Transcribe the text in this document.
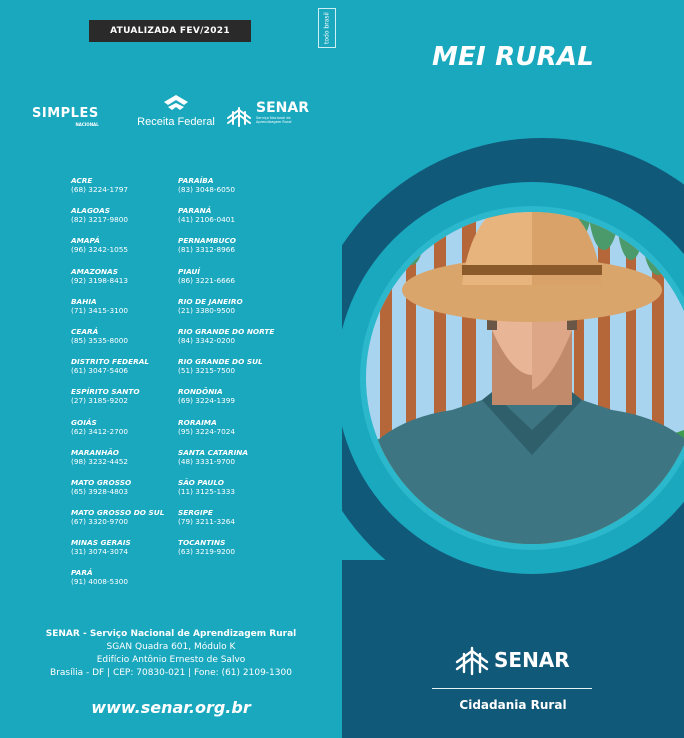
ATUALIZADA FEV/2021	todo brasil
SIMPLES
NACIONAL	Receita Federal
SENAR
Serviço Nacional de Aprendizagem Rural
ACRE
(68) 3224-1797
ALAGOAS
(82) 3217-9800
AMAPÁ
(96) 3242-1055
AMAZONAS
(92) 3198-8413
BAHIA
(71) 3415-3100
CEARÁ
(85) 3535-8000
DISTRITO FEDERAL
(61) 3047-5406
ESPÍRITO SANTO
(27) 3185-9202
GOIÁS
(62) 3412-2700
MARANHÃO
(98) 3232-4452
MATO GROSSO
(65) 3928-4803
MATO GROSSO DO SUL
(67) 3320-9700
MINAS GERAIS
(31) 3074-3074
PARÁ
(91) 4008-5300
PARAÍBA
(83) 3048-6050
PARANÁ
(41) 2106-0401
PERNAMBUCO
(81) 3312-8966
PIAUÍ
(86) 3221-6666
RIO DE JANEIRO
(21) 3380-9500
RIO GRANDE DO NORTE
(84) 3342-0200
RIO GRANDE DO SUL
(51) 3215-7500
RONDÔNIA
(69) 3224-1399
RORAIMA
(95) 3224-7024
SANTA CATARINA
(48) 3331-9700
SÃO PAULO
(11) 3125-1333
SERGIPE
(79) 3211-3264
TOCANTINS
(63) 3219-9200
SENAR - Serviço Nacional de Aprendizagem Rural
SGAN Quadra 601, Módulo K
Edifício Antônio Ernesto de Salvo
Brasília - DF | CEP: 70830-021 | Fone: (61) 2109-1300
www.senar.org.br
MEI RURAL
SENAR
Cidadania Rural
